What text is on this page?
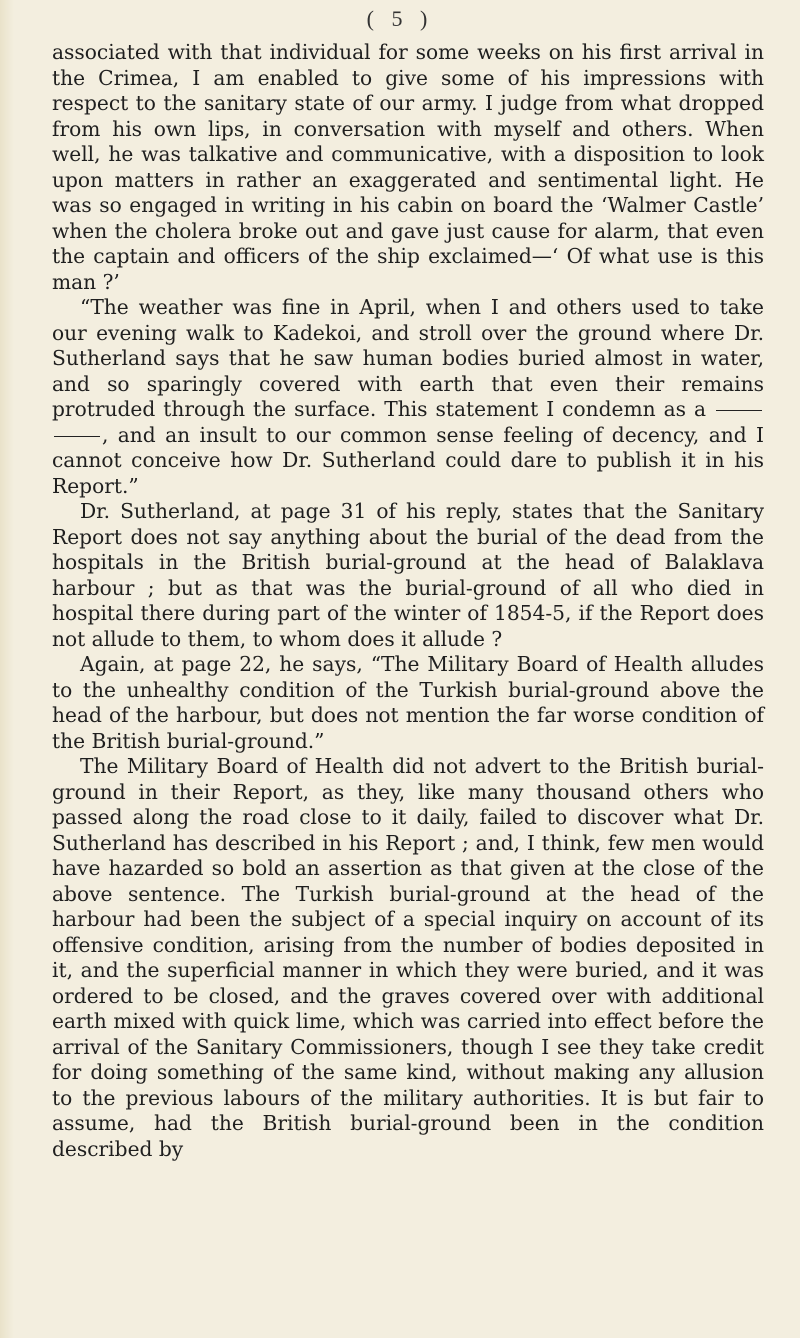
( 5 )

associated with that individual for some weeks on his first arrival in the Crimea, I am enabled to give some of his impressions with respect to the sanitary state of our army. I judge from what dropped from his own lips, in conversation with myself and others. When well, he was talkative and communicative, with a disposition to look upon matters in rather an exaggerated and sentimental light. He was so engaged in writing in his cabin on board the ‘Walmer Castle’ when the cholera broke out and gave just cause for alarm, that even the captain and officers of the ship exclaimed—‘ Of what use is this man ?’

“The weather was fine in April, when I and others used to take our evening walk to Kadekoi, and stroll over the ground where Dr. Sutherland says that he saw human bodies buried almost in water, and so sparingly covered with earth that even their remains protruded through the surface. This statement I condemn as a  , and an insult to our common sense feeling of decency, and I cannot conceive how Dr. Sutherland could dare to publish it in his Report.”

Dr. Sutherland, at page 31 of his reply, states that the Sanitary Report does not say anything about the burial of the dead from the hospitals in the British burial-ground at the head of Balaklava harbour ; but as that was the burial-ground of all who died in hospital there during part of the winter of 1854-5, if the Report does not allude to them, to whom does it allude ?

Again, at page 22, he says, “The Military Board of Health alludes to the unhealthy condition of the Turkish burial-ground above the head of the harbour, but does not mention the far worse condition of the British burial-ground.”

The Military Board of Health did not advert to the British burial-ground in their Report, as they, like many thousand others who passed along the road close to it daily, failed to discover what Dr. Sutherland has described in his Report ; and, I think, few men would have hazarded so bold an assertion as that given at the close of the above sentence. The Turkish burial-ground at the head of the harbour had been the subject of a special inquiry on account of its offensive condition, arising from the number of bodies deposited in it, and the superficial manner in which they were buried, and it was ordered to be closed, and the graves covered over with additional earth mixed with quick lime, which was carried into effect before the arrival of the Sanitary Commissioners, though I see they take credit for doing something of the same kind, without making any allusion to the previous labours of the military authorities. It is but fair to assume, had the British burial-ground been in the condition described by
